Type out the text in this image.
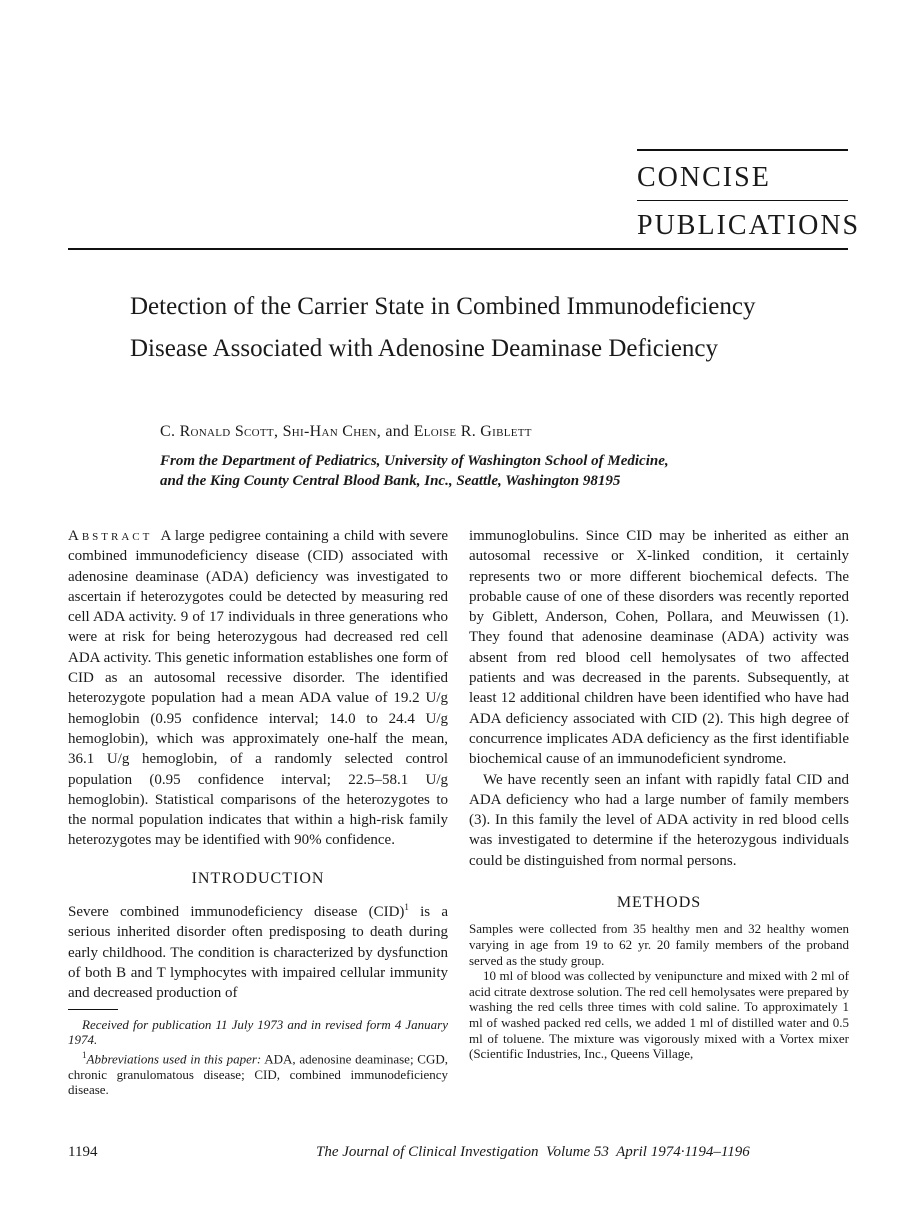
CONCISE
PUBLICATIONS
Detection of the Carrier State in Combined Immunodeficiency
Disease Associated with Adenosine Deaminase Deficiency
C. Ronald Scott, Shi-Han Chen, and Eloise R. Giblett
From the Department of Pediatrics, University of Washington School of Medicine, and the King County Central Blood Bank, Inc., Seattle, Washington 98195

Abstract A large pedigree containing a child with severe combined immunodeficiency disease (CID) associated with adenosine deaminase (ADA) deficiency was investigated to ascertain if heterozygotes could be detected by measuring red cell ADA activity. 9 of 17 individuals in three generations who were at risk for being heterozygous had decreased red cell ADA activity. This genetic information establishes one form of CID as an autosomal recessive disorder. The identified heterozygote population had a mean ADA value of 19.2 U/g hemoglobin (0.95 confidence interval; 14.0 to 24.4 U/g hemoglobin), which was approximately one-half the mean, 36.1 U/g hemoglobin, of a randomly selected control population (0.95 confidence interval; 22.5–58.1 U/g hemoglobin). Statistical comparisons of the heterozygotes to the normal population indicates that within a high-risk family heterozygotes may be identified with 90% confidence.

INTRODUCTION

Severe combined immunodeficiency disease (CID)$^1$ is a serious inherited disorder often predisposing to death during early childhood. The condition is characterized by dysfunction of both B and T lymphocytes with impaired cellular immunity and decreased production of

Received for publication 11 July 1973 and in revised form 4 January 1974.

$^1$Abbreviations used in this paper: ADA, adenosine deaminase; CGD, chronic granulomatous disease; CID, combined immunodeficiency disease.

immunoglobulins. Since CID may be inherited as either an autosomal recessive or X-linked condition, it certainly represents two or more different biochemical defects. The probable cause of one of these disorders was recently reported by Giblett, Anderson, Cohen, Pollara, and Meuwissen (1). They found that adenosine deaminase (ADA) activity was absent from red blood cell hemolysates of two affected patients and was decreased in the parents. Subsequently, at least 12 additional children have been identified who have had ADA deficiency associated with CID (2). This high degree of concurrence implicates ADA deficiency as the first identifiable biochemical cause of an immunodeficient syndrome.

We have recently seen an infant with rapidly fatal CID and ADA deficiency who had a large number of family members (3). In this family the level of ADA activity in red blood cells was investigated to determine if the heterozygous individuals could be distinguished from normal persons.

METHODS

Samples were collected from 35 healthy men and 32 healthy women varying in age from 19 to 62 yr. 20 family members of the proband served as the study group.

10 ml of blood was collected by venipuncture and mixed with 2 ml of acid citrate dextrose solution. The red cell hemolysates were prepared by washing the red cells three times with cold saline. To approximately 1 ml of washed packed red cells, we added 1 ml of distilled water and 0.5 ml of toluene. The mixture was vigorously mixed with a Vortex mixer (Scientific Industries, Inc., Queens Village,

1194	The Journal of Clinical Investigation  Volume 53  April 1974·1194–1196
